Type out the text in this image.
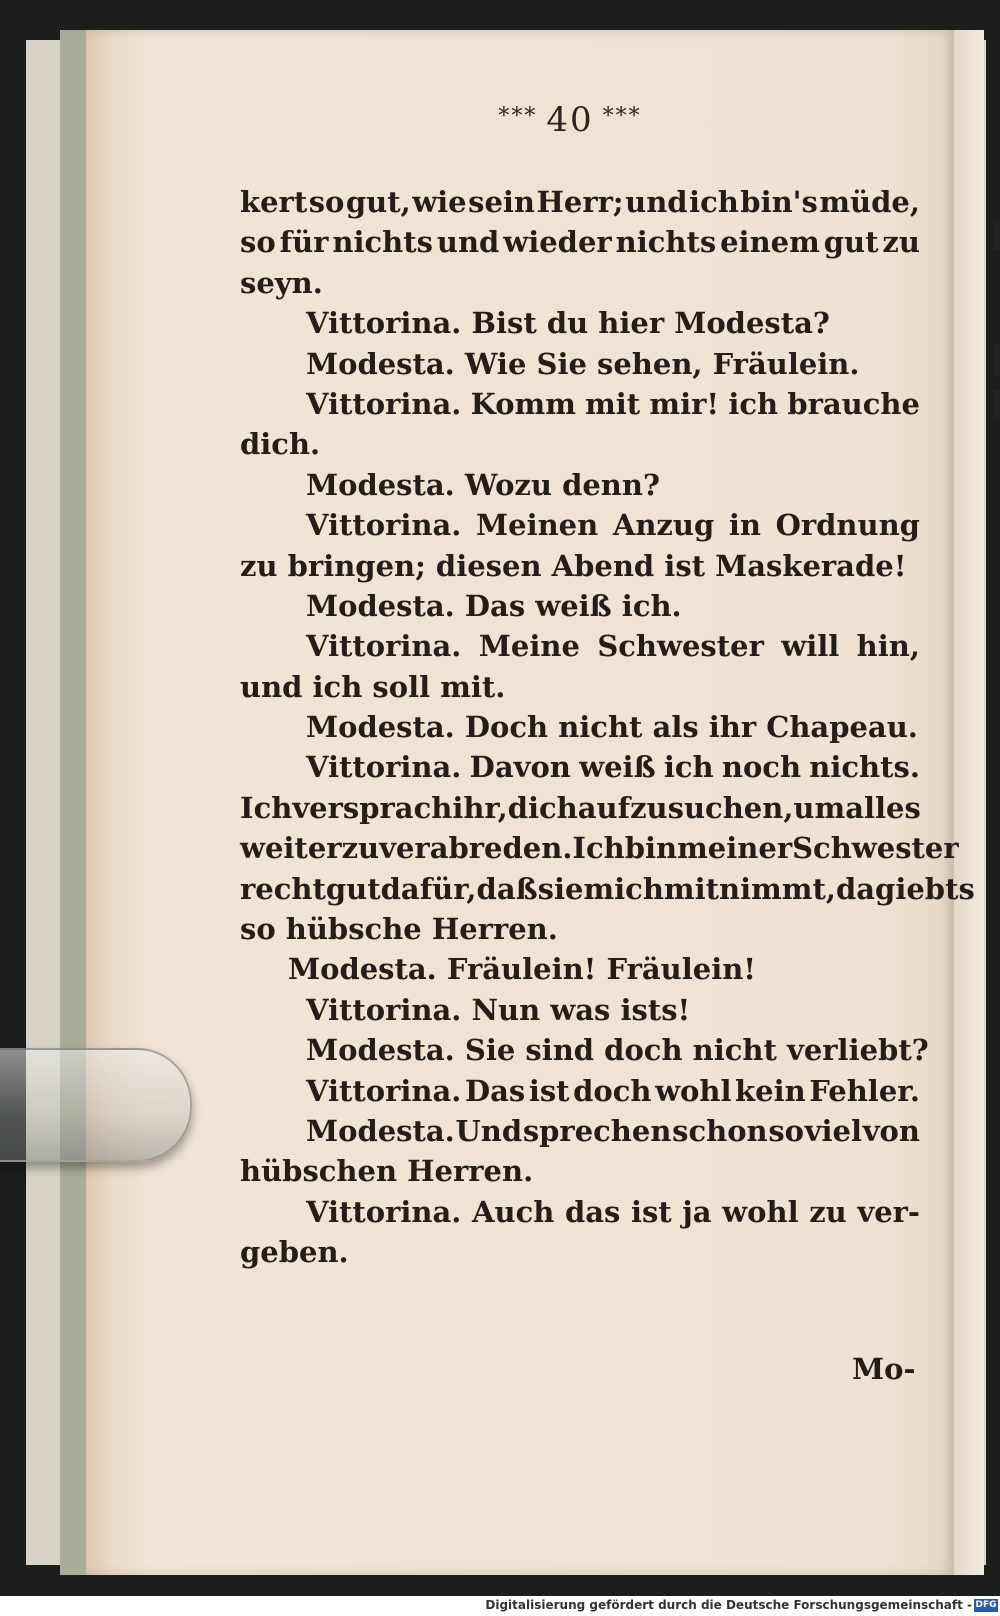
*** 40 ***
kert so gut, wie sein Herr; und ich bin's müde,
so für nichts und wieder nichts einem gut zu
seyn.
Vittorina. Bist du hier Modesta?
Modesta. Wie Sie sehen, Fräulein.
Vittorina. Komm mit mir! ich brauche
dich.
Modesta. Wozu denn?
Vittorina. Meinen Anzug in Ordnung
zu bringen; diesen Abend ist Maskerade!
Modesta. Das weiß ich.
Vittorina. Meine Schwester will hin,
und ich soll mit.
Modesta. Doch nicht als ihr Chapeau.
Vittorina. Davon weiß ich noch nichts.
Ich versprach ihr, dich aufzusuchen, um alles
weiter zu verabreden. Ich bin meiner Schwester
recht gut dafür, daß sie mich mitnimmt, da giebts
so hübsche Herren.
Modesta. Fräulein! Fräulein!
Vittorina. Nun was ists!
Modesta. Sie sind doch nicht verliebt?
Vittorina. Das ist doch wohl kein Fehler.
Modesta. Und sprechen schon so viel von
hübschen Herren.
Vittorina. Auch das ist ja wohl zu ver-
geben.
Mo-
Digitalisierung gefördert durch die Deutsche Forschungsgemeinschaft - DFG
